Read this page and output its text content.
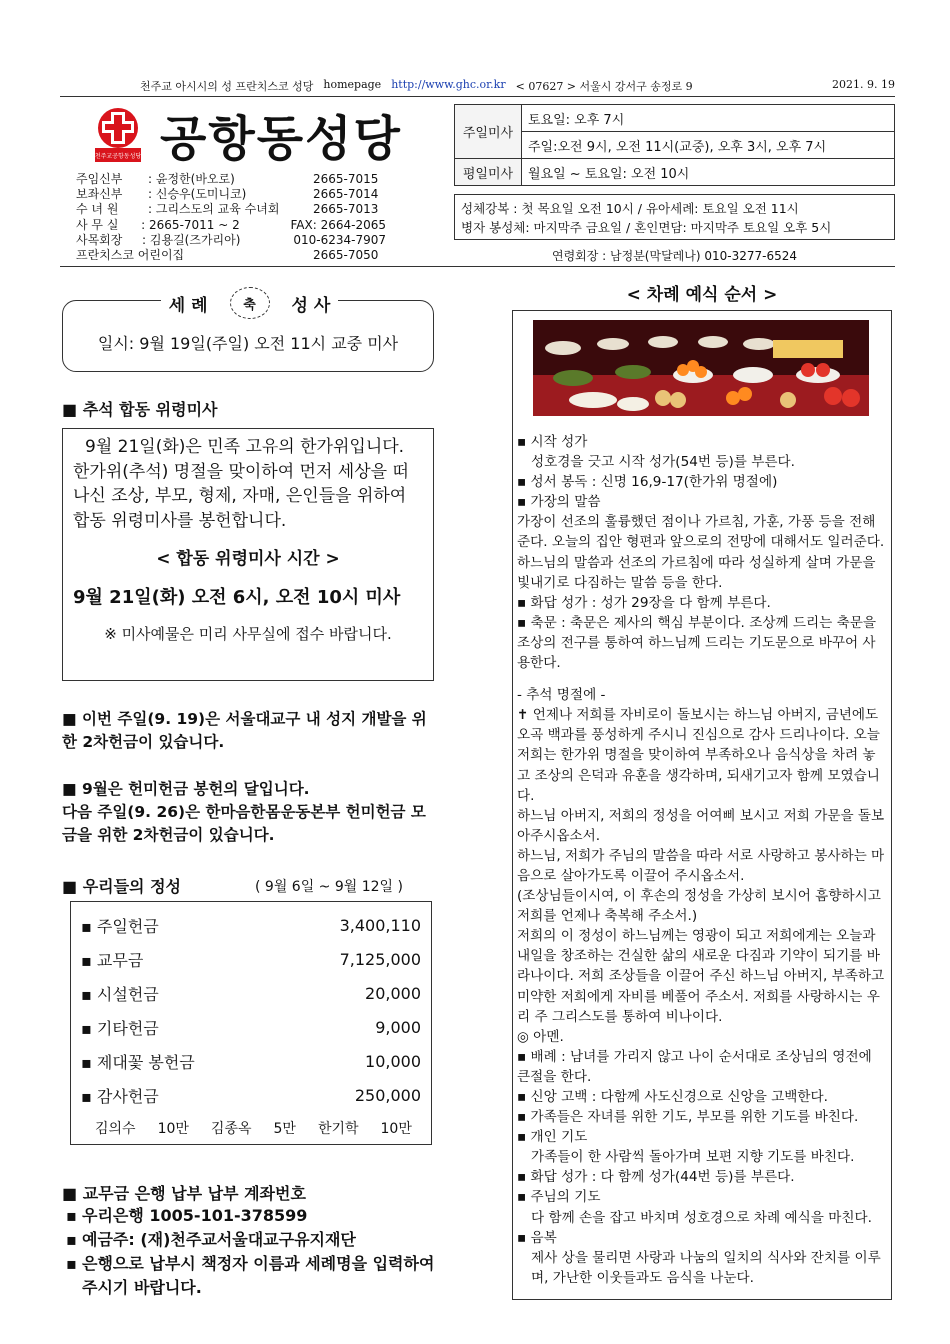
천주교 아시시의 성 프란치스코 성당 homepage http://www.ghc.or.kr < 07627 > 서울시 강서구 송정로 9	2021. 9. 19
천주교공항동성당 공항동성당
주임신부	: 윤정한(바오로)	2665-7015
보좌신부	: 신승우(도미니코)	2665-7014
수 녀 원	: 그리스도의 교육 수녀회	2665-7013
사 무 실	: 2665-7011 ~ 2	FAX: 2664-2065
사목회장	: 김용길(즈가리아)	010-6234-7907
프란치스코 어린이집	2665-7050
주일미사	토요일: 오후 7시
	주일:오전 9시, 오전 11시(교중), 오후 3시, 오후 7시
평일미사	월요일 ~ 토요일: 오전 10시
성체강복 : 첫 목요일 오전 10시 / 유아세례: 토요일 오전 11시
병자 봉성체: 마지막주 금요일 / 혼인면담: 마지막주 토요일 오후 5시
연령회장 : 남정분(막달레나) 010-3277-6524
일시: 9월 19일(주일) 오전 11시 교중 미사
세 례	축 성 사
■ 추석 합동 위령미사
9월 21일(화)은 민족 고유의 한가위입니다. 한가위(추석) 명절을 맞이하여 먼저 세상을 떠나신 조상, 부모, 형제, 자매, 은인들을 위하여 합동 위령미사를 봉헌합니다.
< 합동 위령미사 시간 >
9월 21일(화) 오전 6시, 오전 10시 미사
※ 미사예물은 미리 사무실에 접수 바랍니다.
■ 이번 주일(9. 19)은 서울대교구 내 성지 개발을 위한 2차헌금이 있습니다.
■ 9월은 헌미헌금 봉헌의 달입니다.
다음 주일(9. 26)은 한마음한몸운동본부 헌미헌금 모금을 위한 2차헌금이 있습니다.
■ 우리들의 정성	( 9월 6일 ~ 9월 12일 )
▪ 주일헌금	3,400,110
▪ 교무금	7,125,000
▪ 시설헌금	20,000
▪ 기타헌금	9,000
▪ 제대꽃 봉헌금	10,000
▪ 감사헌금	250,000
김의수 10만 김종옥 5만 한기학 10만
■ 교무금 은행 납부 납부 계좌번호
▪ 우리은행 1005-101-378599
▪ 예금주: (재)천주교서울대교구유지재단
▪ 은행으로 납부시 책정자 이름과 세례명을 입력하여 주시기 바랍니다.
< 차례 예식 순서 >
▪ 시작 성가
성호경을 긋고 시작 성가(54번 등)를 부른다.
▪ 성서 봉독 : 신명 16,9-17(한가위 명절에)
▪ 가장의 말씀
가장이 선조의 훌륭했던 점이나 가르침, 가훈, 가풍 등을 전해준다. 오늘의 집안 형편과 앞으로의 전망에 대해서도 일러준다. 하느님의 말씀과 선조의 가르침에 따라 성실하게 살며 가문을 빛내기로 다짐하는 말씀 등을 한다.
▪ 화답 성가 : 성가 29장을 다 함께 부른다.
▪ 축문 : 축문은 제사의 핵심 부분이다. 조상께 드리는 축문을 조상의 전구를 통하여 하느님께 드리는 기도문으로 바꾸어 사용한다.
- 추석 명절에 -
✝ 언제나 저희를 자비로이 돌보시는 하느님 아버지, 금년에도 오곡 백과를 풍성하게 주시니 진심으로 감사 드리나이다. 오늘 저희는 한가위 명절을 맞이하여 부족하오나 음식상을 차려 놓고 조상의 은덕과 유훈을 생각하며, 되새기고자 함께 모였습니다.
하느님 아버지, 저희의 정성을 어여삐 보시고 저희 가문을 돌보아주시옵소서.
하느님, 저희가 주님의 말씀을 따라 서로 사랑하고 봉사하는 마음으로 살아가도록 이끌어 주시옵소서.
(조상님들이시여, 이 후손의 정성을 가상히 보시어 흠향하시고 저희를 언제나 축복해 주소서.)
저희의 이 정성이 하느님께는 영광이 되고 저희에게는 오늘과 내일을 창조하는 건실한 삶의 새로운 다짐과 기약이 되기를 바라나이다. 저희 조상들을 이끌어 주신 하느님 아버지, 부족하고 미약한 저희에게 자비를 베풀어 주소서. 저희를 사랑하시는 우리 주 그리스도를 통하여 비나이다.
◎ 아멘.
▪ 배례 : 남녀를 가리지 않고 나이 순서대로 조상님의 영전에 큰절을 한다.
▪ 신앙 고백 : 다함께 사도신경으로 신앙을 고백한다.
▪ 가족들은 자녀를 위한 기도, 부모를 위한 기도를 바친다.
▪ 개인 기도
가족들이 한 사람씩 돌아가며 보편 지향 기도를 바친다.
▪ 화답 성가 : 다 함께 성가(44번 등)를 부른다.
▪ 주님의 기도
다 함께 손을 잡고 바치며 성호경으로 차례 예식을 마친다.
▪ 음복
제사 상을 물리면 사랑과 나눔의 일치의 식사와 잔치를 이루며, 가난한 이웃들과도 음식을 나눈다.
